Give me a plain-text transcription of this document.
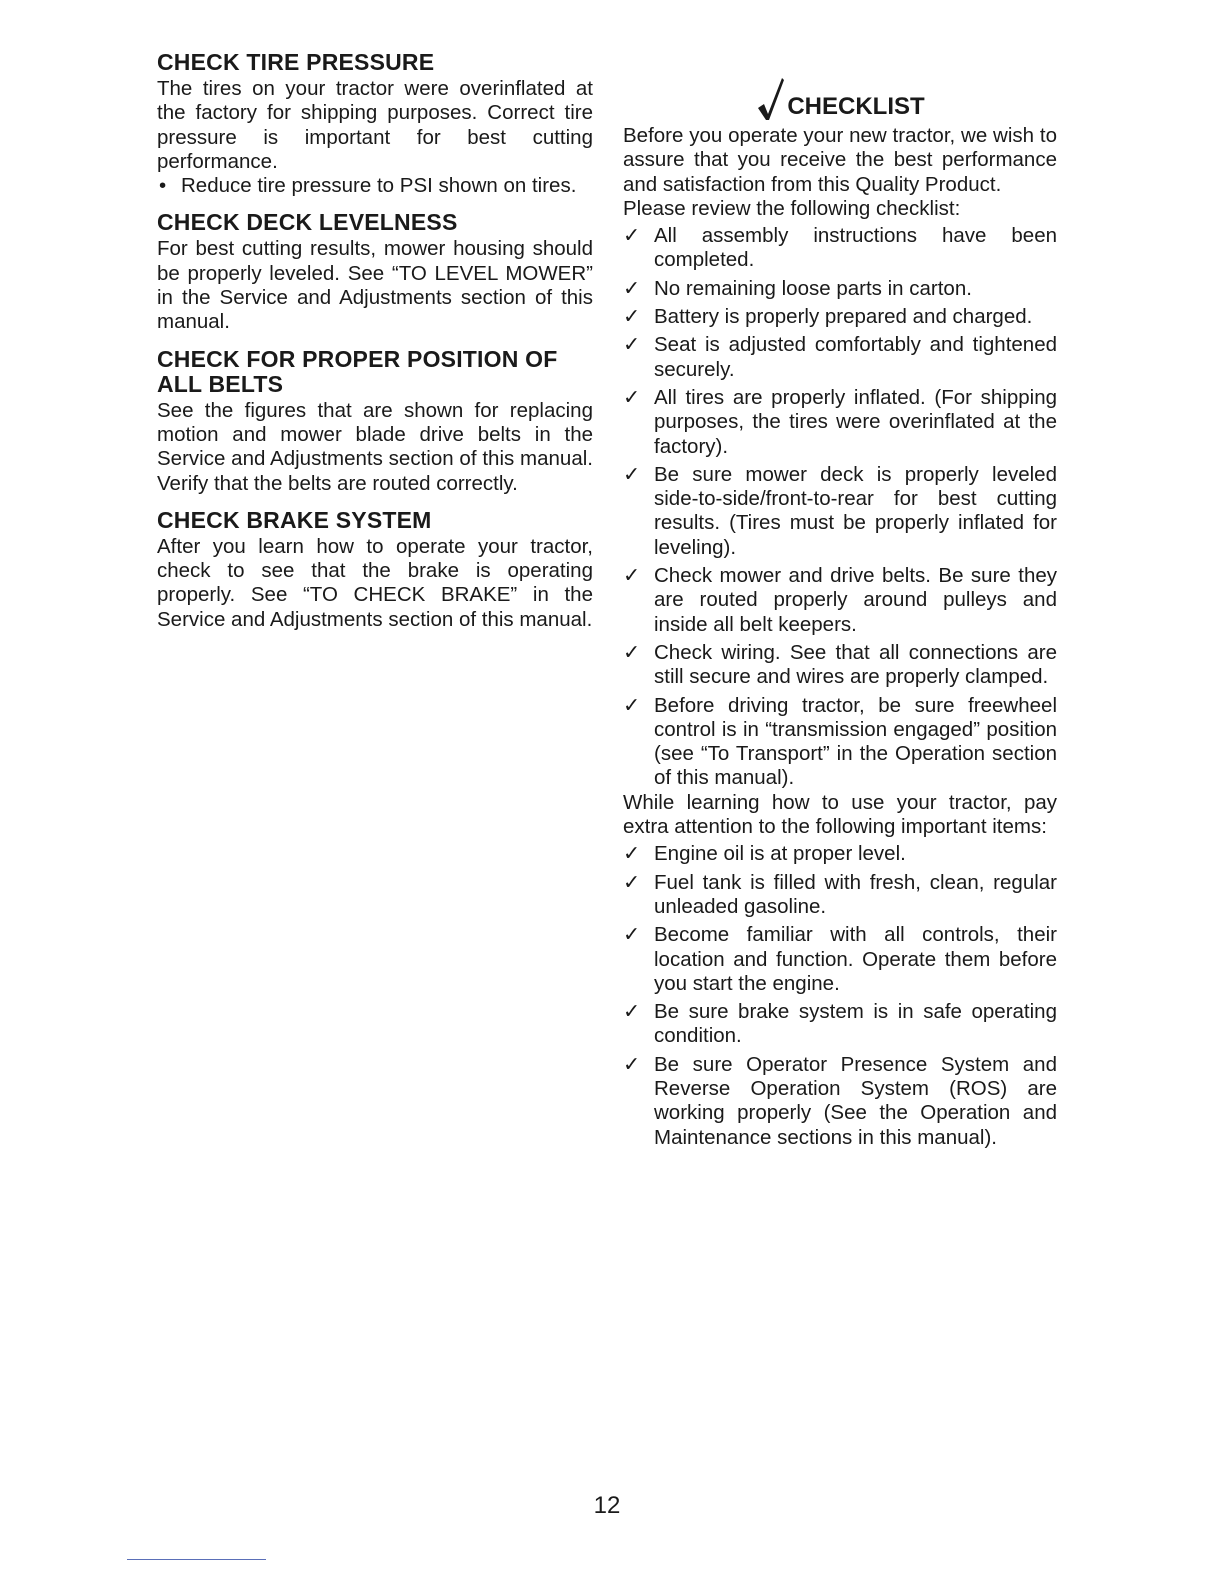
CHECK TIRE PRESSURE

The tires on your tractor were overinflated at the factory for shipping purposes. Correct tire pressure is important for best cutting performance.

• Reduce tire pressure to PSI shown on tires.
CHECK DECK LEVELNESS

For best cutting results, mower housing should be properly leveled. See “TO LEVEL MOWER” in the Service and Adjustments section of this manual.

CHECK FOR PROPER POSITION OF ALL BELTS

See the figures that are shown for replacing motion and mower blade drive belts in the Service and Adjustments section of this manual. Verify that the belts are routed correctly.

CHECK BRAKE SYSTEM

After you learn how to operate your tractor, check to see that the brake is operating properly. See “TO CHECK BRAKE” in the Service and Adjustments section of this manual.

CHECKLIST

Before you operate your new tractor, we wish to assure that you receive the best performance and satisfaction from this Quality Product.

Please review the following checklist:

✓ All assembly instructions have been completed.
✓ No remaining loose parts in carton.
✓ Battery is properly prepared and charged.
✓ Seat is adjusted comfortably and tightened securely.
✓ All tires are properly inflated. (For shipping purposes, the tires were overinflated at the factory).
✓ Be sure mower deck is properly leveled side-to-side/front-to-rear for best cutting results. (Tires must be properly inflated for leveling).
✓ Check mower and drive belts. Be sure they are routed properly around pulleys and inside all belt keepers.
✓ Check wiring. See that all connections are still secure and wires are properly clamped.
✓ Before driving tractor, be sure freewheel control is in “transmission engaged” position (see “To Transport” in the Operation section of this manual).

While learning how to use your tractor, pay extra attention to the following important items:

✓ Engine oil is at proper level.
✓ Fuel tank is filled with fresh, clean, regular unleaded gasoline.
✓ Become familiar with all controls, their location and function. Operate them before you start the engine.
✓ Be sure brake system is in safe operating condition.
✓ Be sure Operator Presence System and Reverse Operation System (ROS) are working properly (See the Operation and Maintenance sections in this manual).
12
